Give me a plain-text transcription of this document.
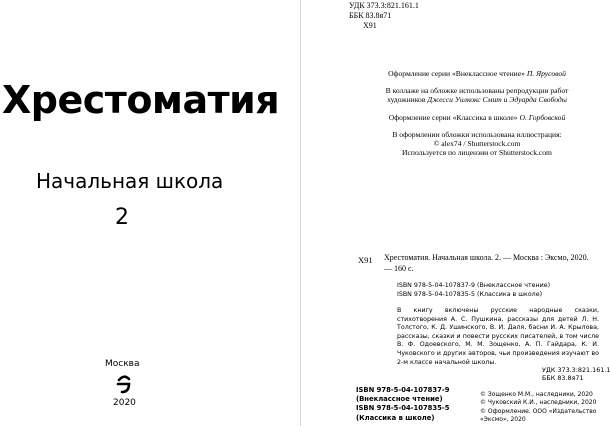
Хрестоматия
Начальная школа
2
Москва
2020
УДК 373.3:821.161.1
ББК 83.8я71
Х91

Оформление серии «Внеклассное чтение» П. Ярусовой

В коллаже на обложке использованы репродукции работ
художников Джесси Уилкокс Смит и Эдуарда Свободы

Оформление серии «Классика в школе» О. Горбовской

В оформлении обложки использована иллюстрация:
© alex74 / Shutterstock.com
Используется по лицензии от Shutterstock.com

Х91 Хрестоматия. Начальная школа. 2. — Москва : Эксмо, 2020. — 160 с.
ISBN 978-5-04-107837-9 (Внеклассное чтение)
ISBN 978-5-04-107835-5 (Классика в школе)
В книгу включены русские народные сказки, стихотворения А. С. Пушкина, рассказы для детей Л. Н. Толстого, К. Д. Ушинского, В. И. Даля, басни И. А. Крылова, рассказы, сказки и повести русских писателей, в том числе В. Ф. Одоевского, М. М. Зощенко, А. П. Гайдара, К. И. Чуковского и других авторов, чьи произведения изучают во 2-м классе начальной школы.
УДК 373.3:821.161.1
ББК 83.8я71
ISBN 978-5-04-107837-9
(Внеклассное чтение)
ISBN 978-5-04-107835-5
(Классика в школе)
© Зощенко М.М., наследники, 2020
© Чуковский К.И., наследники, 2020
© Оформление. ООО «Издательство
«Эксмо», 2020
